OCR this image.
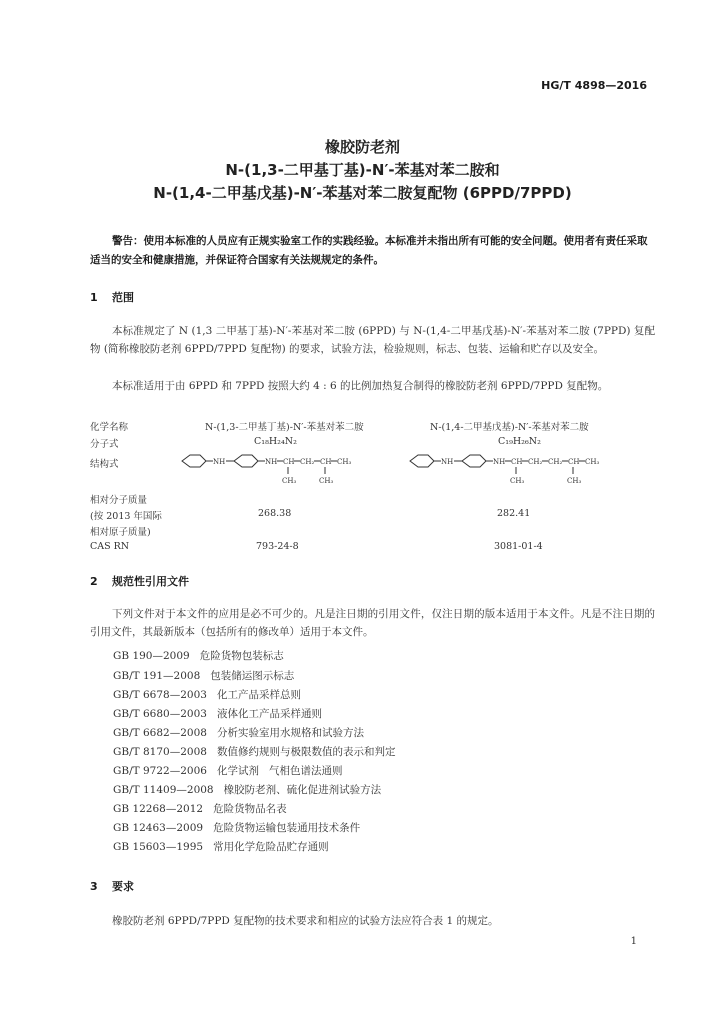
HG/T 4898—2016
橡胶防老剂
N-(1,3-二甲基丁基)-N′-苯基对苯二胺和
N-(1,4-二甲基戊基)-N′-苯基对苯二胺复配物 (6PPD/7PPD)
警告：使用本标准的人员应有正规实验室工作的实践经验。本标准并未指出所有可能的安全问题。使用者有责任采取适当的安全和健康措施，并保证符合国家有关法规规定的条件。
1 范围
本标准规定了 N (1,3 二甲基丁基)-N′-苯基对苯二胺 (6PPD) 与 N-(1,4-二甲基戊基)-N′-苯基对苯二胺 (7PPD) 复配物 (简称橡胶防老剂 6PPD/7PPD 复配物) 的要求，试验方法，检验规则，标志、包装、运输和贮存以及安全。
本标准适用于由 6PPD 和 7PPD 按照大约 4 : 6 的比例加热复合制得的橡胶防老剂 6PPD/7PPD 复配物。
化学名称	N-(1,3-二甲基丁基)-N′-苯基对苯二胺	N-(1,4-二甲基戊基)-N′-苯基对苯二胺
分子式	C₁₈H₂₄N₂	C₁₉H₂₆N₂
结构式	NH	NH CH CH₂ CH CH₃
CH₃	CH₃
NH	NH CH CH₂ CH₂ CH CH₃
CH₃	CH₃
相对分子质量
(按 2013 年国际	268.38	282.41
相对原子质量)
CAS RN	793-24-8	3081-01-4
2 规范性引用文件
下列文件对于本文件的应用是必不可少的。凡是注日期的引用文件，仅注日期的版本适用于本文件。凡是不注日期的引用文件，其最新版本（包括所有的修改单）适用于本文件。
GB 190—2009   危险货物包装标志
GB/T 191—2008   包装储运图示标志
GB/T 6678—2003   化工产品采样总则
GB/T 6680—2003   液体化工产品采样通则
GB/T 6682—2008   分析实验室用水规格和试验方法
GB/T 8170—2008   数值修约规则与极限数值的表示和判定
GB/T 9722—2006   化学试剂   气相色谱法通则
GB/T 11409—2008   橡胶防老剂、硫化促进剂试验方法
GB 12268—2012   危险货物品名表
GB 12463—2009   危险货物运输包装通用技术条件
GB 15603—1995   常用化学危险品贮存通则
3 要求
橡胶防老剂 6PPD/7PPD 复配物的技术要求和相应的试验方法应符合表 1 的规定。
1
